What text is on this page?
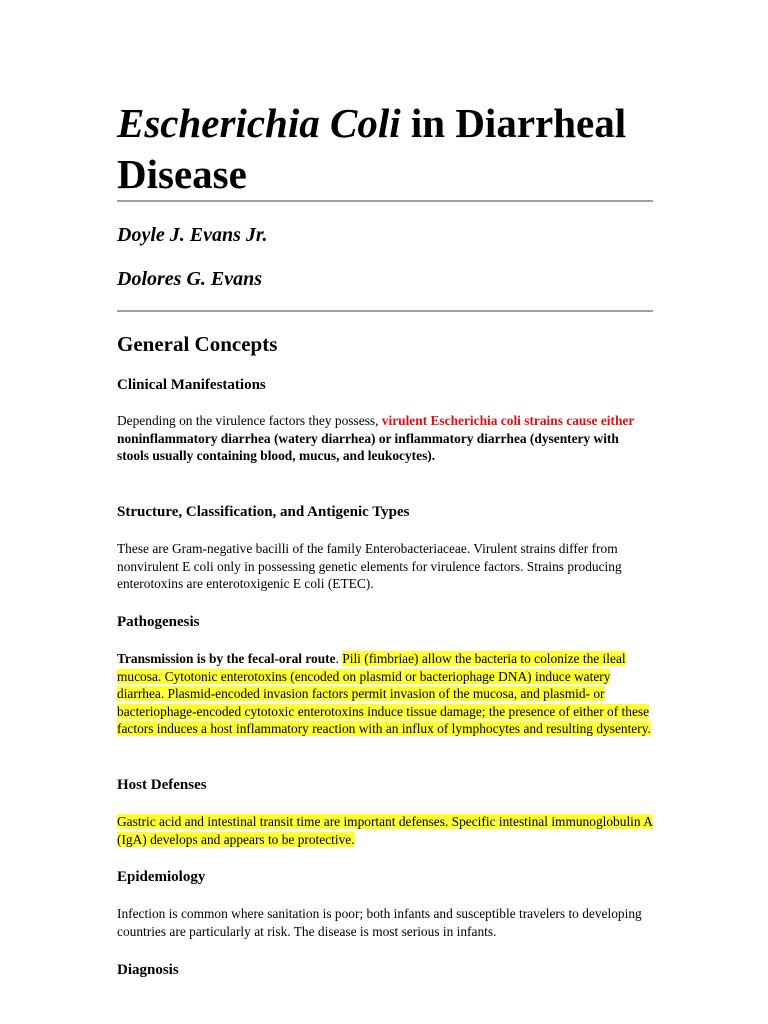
Escherichia Coli in Diarrheal Disease
Doyle J. Evans Jr.
Dolores G. Evans
General Concepts
Clinical Manifestations
Depending on the virulence factors they possess, virulent Escherichia coli strains cause either noninflammatory diarrhea (watery diarrhea) or inflammatory diarrhea (dysentery with stools usually containing blood, mucus, and leukocytes).
Structure, Classification, and Antigenic Types
These are Gram-negative bacilli of the family Enterobacteriaceae. Virulent strains differ from nonvirulent E coli only in possessing genetic elements for virulence factors. Strains producing enterotoxins are enterotoxigenic E coli (ETEC).
Pathogenesis
Transmission is by the fecal-oral route. Pili (fimbriae) allow the bacteria to colonize the ileal mucosa. Cytotonic enterotoxins (encoded on plasmid or bacteriophage DNA) induce watery diarrhea. Plasmid-encoded invasion factors permit invasion of the mucosa, and plasmid- or bacteriophage-encoded cytotoxic enterotoxins induce tissue damage; the presence of either of these factors induces a host inflammatory reaction with an influx of lymphocytes and resulting dysentery.
Host Defenses
Gastric acid and intestinal transit time are important defenses. Specific intestinal immunoglobulin A (IgA) develops and appears to be protective.
Epidemiology
Infection is common where sanitation is poor; both infants and susceptible travelers to developing countries are particularly at risk. The disease is most serious in infants.
Diagnosis
